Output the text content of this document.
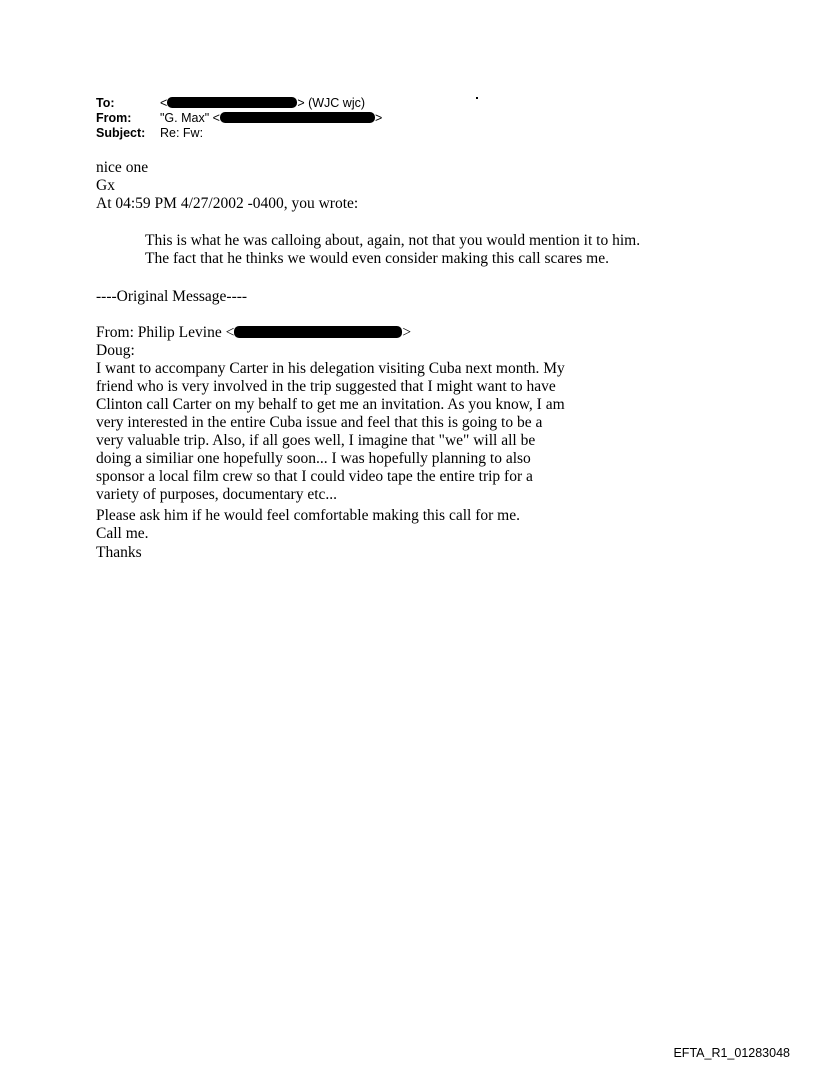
To:	<	> (WJC wjc)
From: "G. Max" <	>
Subject: Re: Fw:
nice one
Gx
At 04:59 PM 4/27/2002 -0400, you wrote:
This is what he was calloing about, again, not that you would mention it to him.
The fact that he thinks we would even consider making this call scares me.
----Original Message----
From: Philip Levine <	>
Doug:
I want to accompany Carter in his delegation visiting Cuba next month. My
friend who is very involved in the trip suggested that I might want to have
Clinton call Carter on my behalf to get me an invitation. As you know, I am
very interested in the entire Cuba issue and feel that this is going to be a
very valuable trip. Also, if all goes well, I imagine that "we" will all be
doing a similiar one hopefully soon... I was hopefully planning to also
sponsor a local film crew so that I could video tape the entire trip for a
variety of purposes, documentary etc...
Please ask him if he would feel comfortable making this call for me.
Call me.
Thanks
EFTA_R1_01283048
